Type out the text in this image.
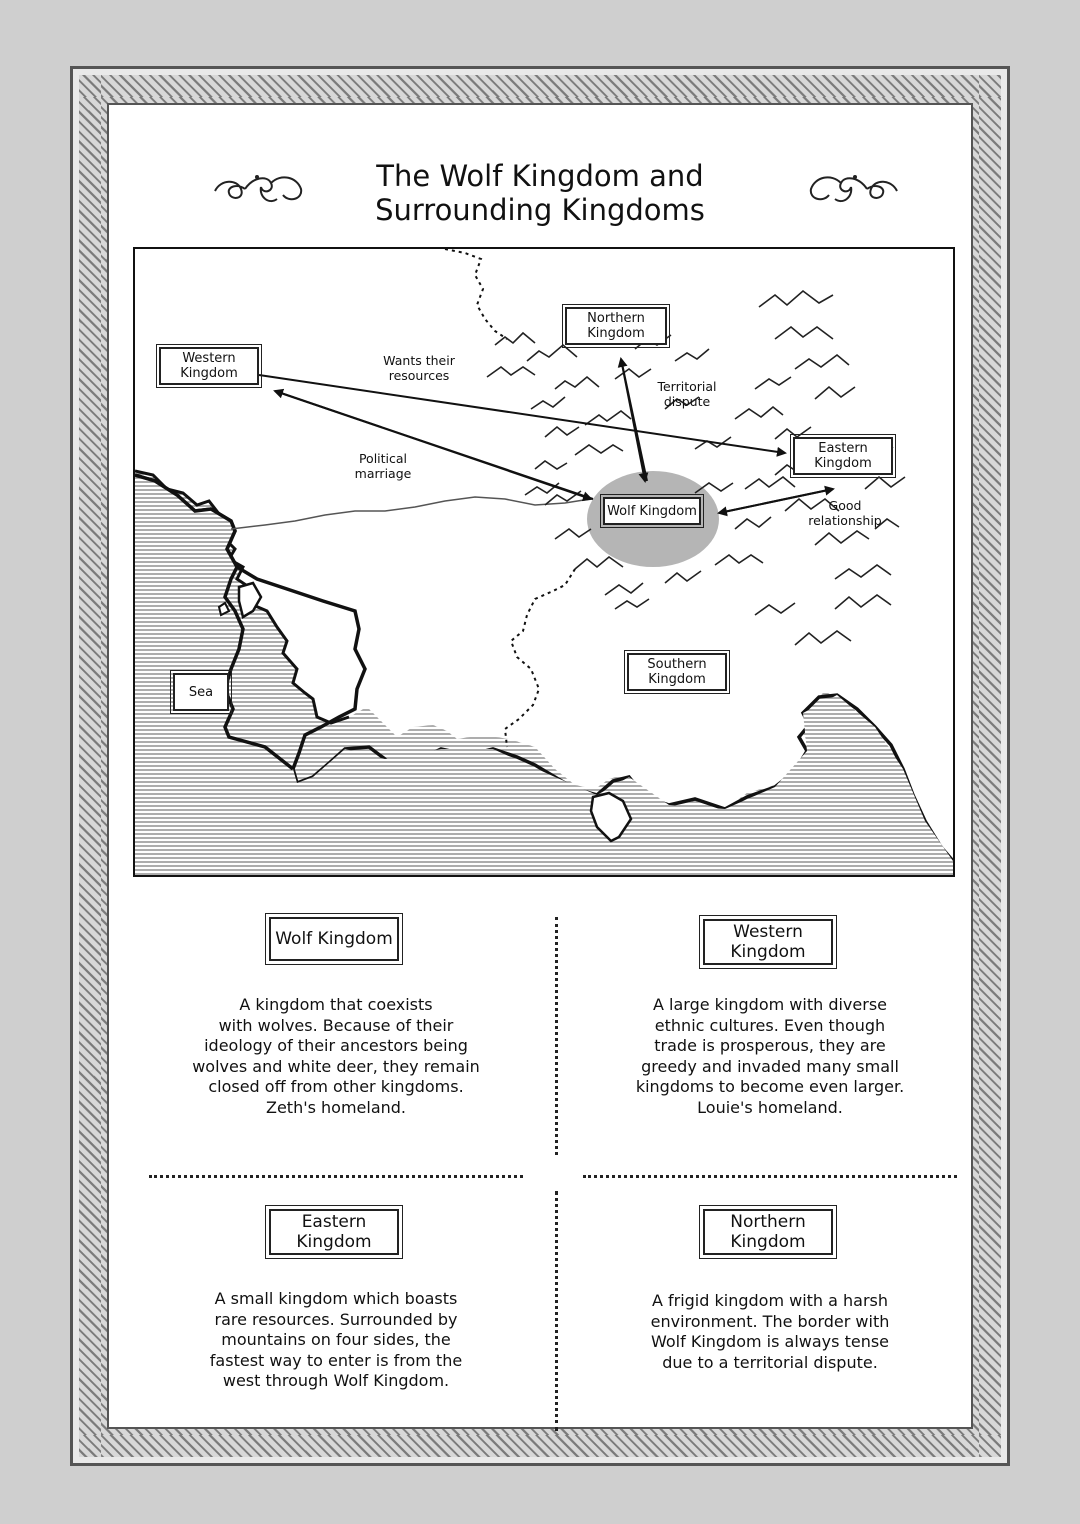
The Wolf Kingdom and
Surrounding Kingdoms
Wants their
resources
Territorial
dispute
Political
marriage
Good
relationship
Northern
Kingdom
Western
Kingdom
Eastern
Kingdom
Wolf Kingdom
Southern
Kingdom
Sea
Wolf Kingdom
A kingdom that coexists
with wolves. Because of their
ideology of their ancestors being
wolves and white deer, they remain
closed off from other kingdoms.
Zeth's homeland.
Western
Kingdom
A large kingdom with diverse
ethnic cultures. Even though
trade is prosperous, they are
greedy and invaded many small
kingdoms to become even larger.
Louie's homeland.
Eastern
Kingdom
A small kingdom which boasts
rare resources. Surrounded by
mountains on four sides, the
fastest way to enter is from the
west through Wolf Kingdom.
Northern
Kingdom
A frigid kingdom with a harsh
environment. The border with
Wolf Kingdom is always tense
due to a territorial dispute.
